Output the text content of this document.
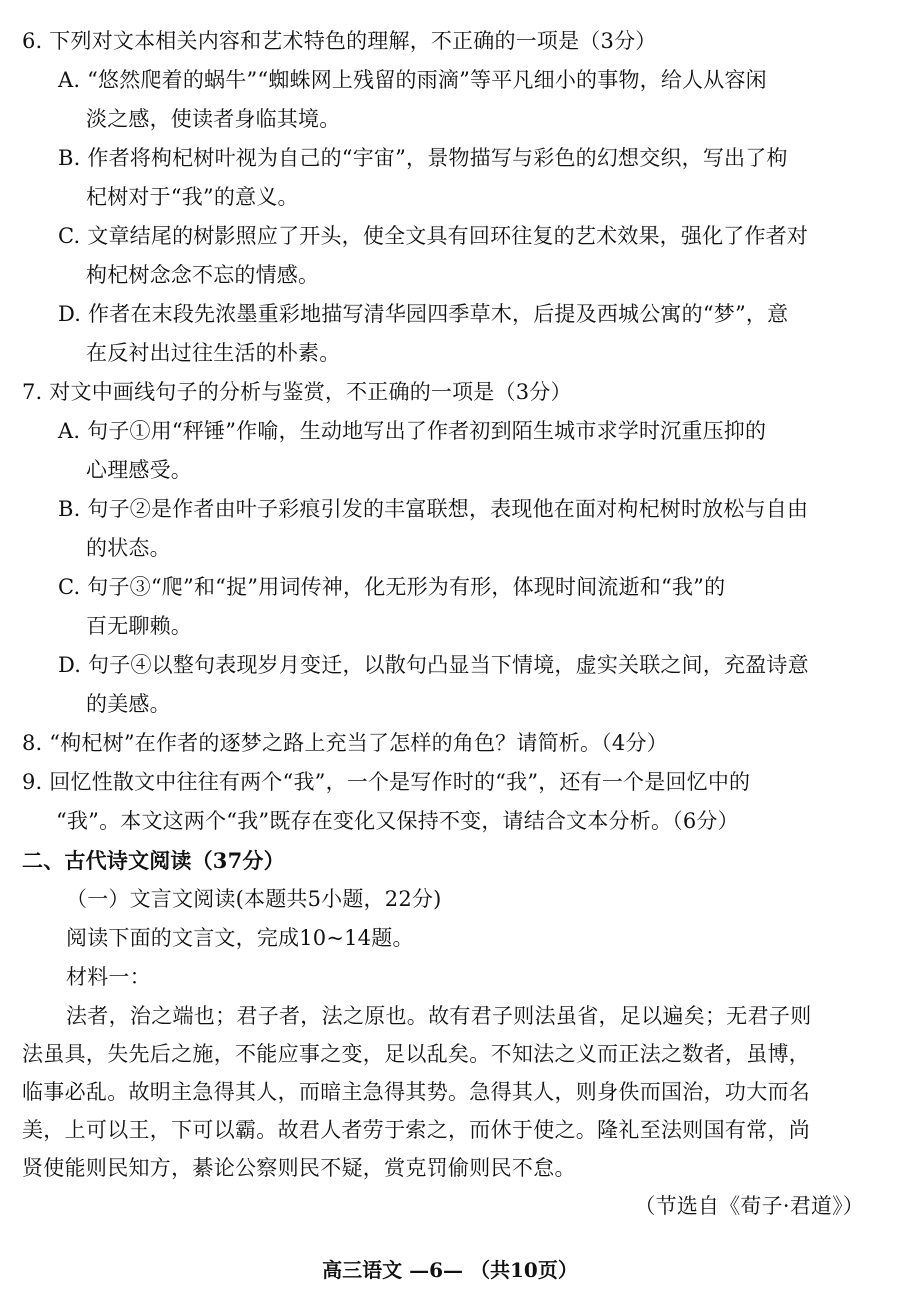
6. 下列对文本相关内容和艺术特色的理解，不正确的一项是（3分）
A. “悠然爬着的蜗牛”“蜘蛛网上残留的雨滴”等平凡细小的事物，给人从容闲
淡之感，使读者身临其境。
B. 作者将枸杞树叶视为自己的“宇宙”，景物描写与彩色的幻想交织，写出了枸
杞树对于“我”的意义。
C. 文章结尾的树影照应了开头，使全文具有回环往复的艺术效果，强化了作者对
枸杞树念念不忘的情感。
D. 作者在末段先浓墨重彩地描写清华园四季草木，后提及西城公寓的“梦”，意
在反衬出过往生活的朴素。
7. 对文中画线句子的分析与鉴赏，不正确的一项是（3分）
A. 句子①用“秤锤”作喻，生动地写出了作者初到陌生城市求学时沉重压抑的
心理感受。
B. 句子②是作者由叶子彩痕引发的丰富联想，表现他在面对枸杞树时放松与自由
的状态。
C. 句子③“爬”和“捉”用词传神，化无形为有形，体现时间流逝和“我”的
百无聊赖。
D. 句子④以整句表现岁月变迁，以散句凸显当下情境，虚实关联之间，充盈诗意
的美感。
8. “枸杞树”在作者的逐梦之路上充当了怎样的角色？请简析。（4分）
9. 回忆性散文中往往有两个“我”，一个是写作时的“我”，还有一个是回忆中的
“我”。本文这两个“我”既存在变化又保持不变，请结合文本分析。（6分）
二、古代诗文阅读（37分）
（一）文言文阅读(本题共5小题，22分)
阅读下面的文言文，完成10~14题。
材料一：
法者，治之端也；君子者，法之原也。故有君子则法虽省，足以遍矣；无君子则
法虽具，失先后之施，不能应事之变，足以乱矣。不知法之义而正法之数者，虽博，
临事必乱。故明主急得其人，而暗主急得其势。急得其人，则身佚而国治，功大而名
美，上可以王，下可以霸。故君人者劳于索之，而休于使之。隆礼至法则国有常，尚
贤使能则民知方，綦论公察则民不疑，赏克罚偷则民不怠。
（节选自《荀子·君道》）
高三语文 —6— （共10页）
